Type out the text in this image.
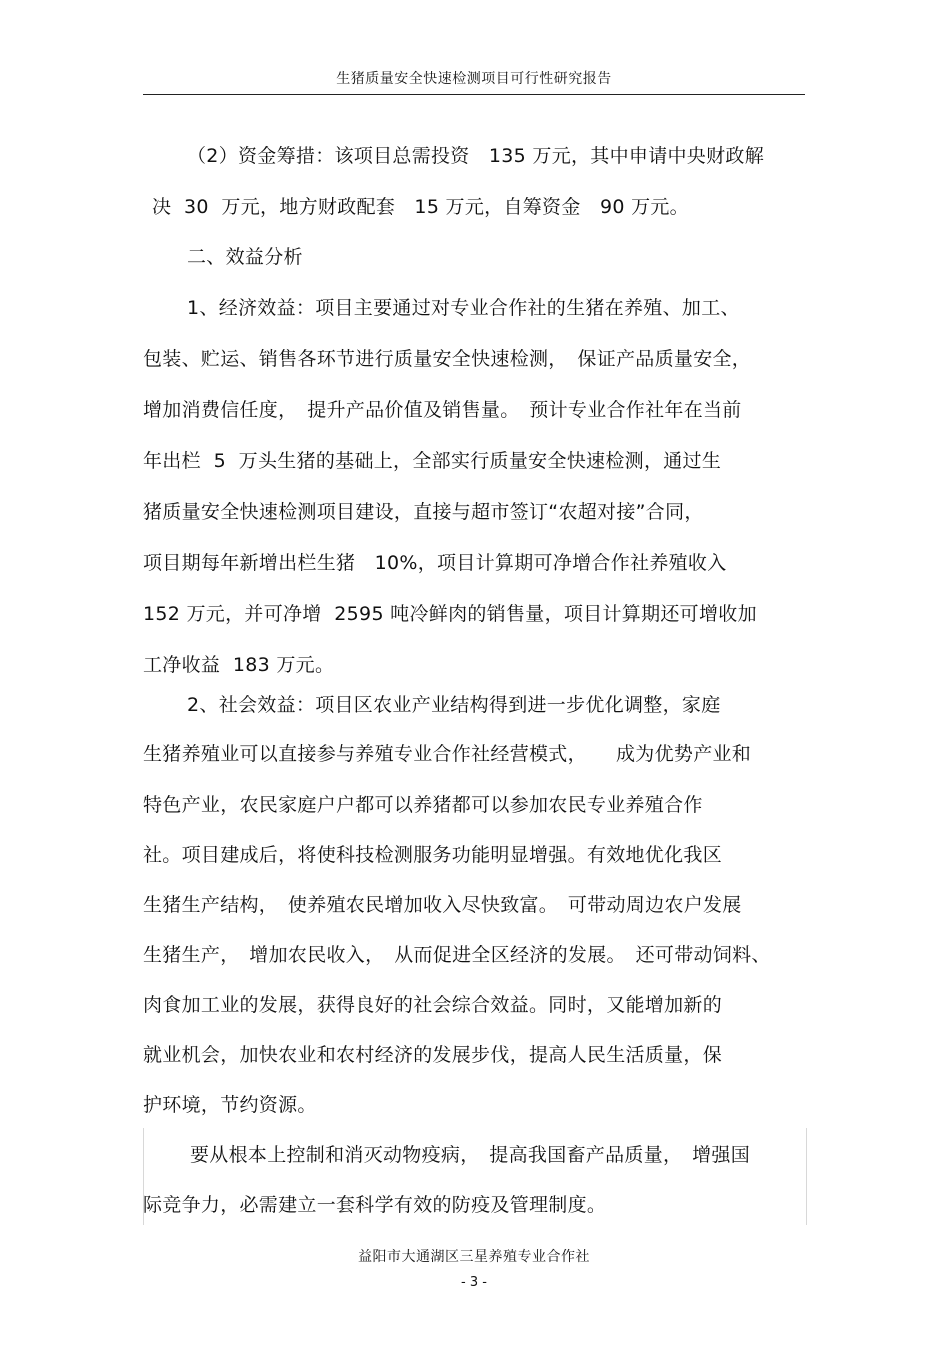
生猪质量安全快速检测项目可行性研究报告
（2）资金筹措：该项目总需投资　135 万元，其中申请中央财政解
决  30  万元，地方财政配套　15 万元，自筹资金　90 万元。
二、效益分析
1、经济效益：项目主要通过对专业合作社的生猪在养殖、加工、
包装、贮运、销售各环节进行质量安全快速检测，　保证产品质量安全，
增加消费信任度，　提升产品价值及销售量。　预计专业合作社年在当前
年出栏  5  万头生猪的基础上，全部实行质量安全快速检测，通过生
猪质量安全快速检测项目建设，直接与超市签订“农超对接”合同，
项目期每年新增出栏生猪　10%，项目计算期可净增合作社养殖收入
152 万元，并可净增  2595 吨冷鲜肉的销售量，项目计算期还可增收加
工净收益  183 万元。
2、社会效益：项目区农业产业结构得到进一步优化调整，家庭
生猪养殖业可以直接参与养殖专业合作社经营模式，　　成为优势产业和
特色产业，农民家庭户户都可以养猪都可以参加农民专业养殖合作
社。项目建成后，将使科技检测服务功能明显增强。有效地优化我区
生猪生产结构，　使养殖农民增加收入尽快致富。　可带动周边农户发展
生猪生产，　增加农民收入，　从而促进全区经济的发展。　还可带动饲料、
肉食加工业的发展，获得良好的社会综合效益。同时，又能增加新的
就业机会，加快农业和农村经济的发展步伐，提高人民生活质量，保
护环境，节约资源。
要从根本上控制和消灭动物疫病，　提高我国畜产品质量，　增强国
际竞争力，必需建立一套科学有效的防疫及管理制度。
益阳市大通湖区三星养殖专业合作社
- 3 -
